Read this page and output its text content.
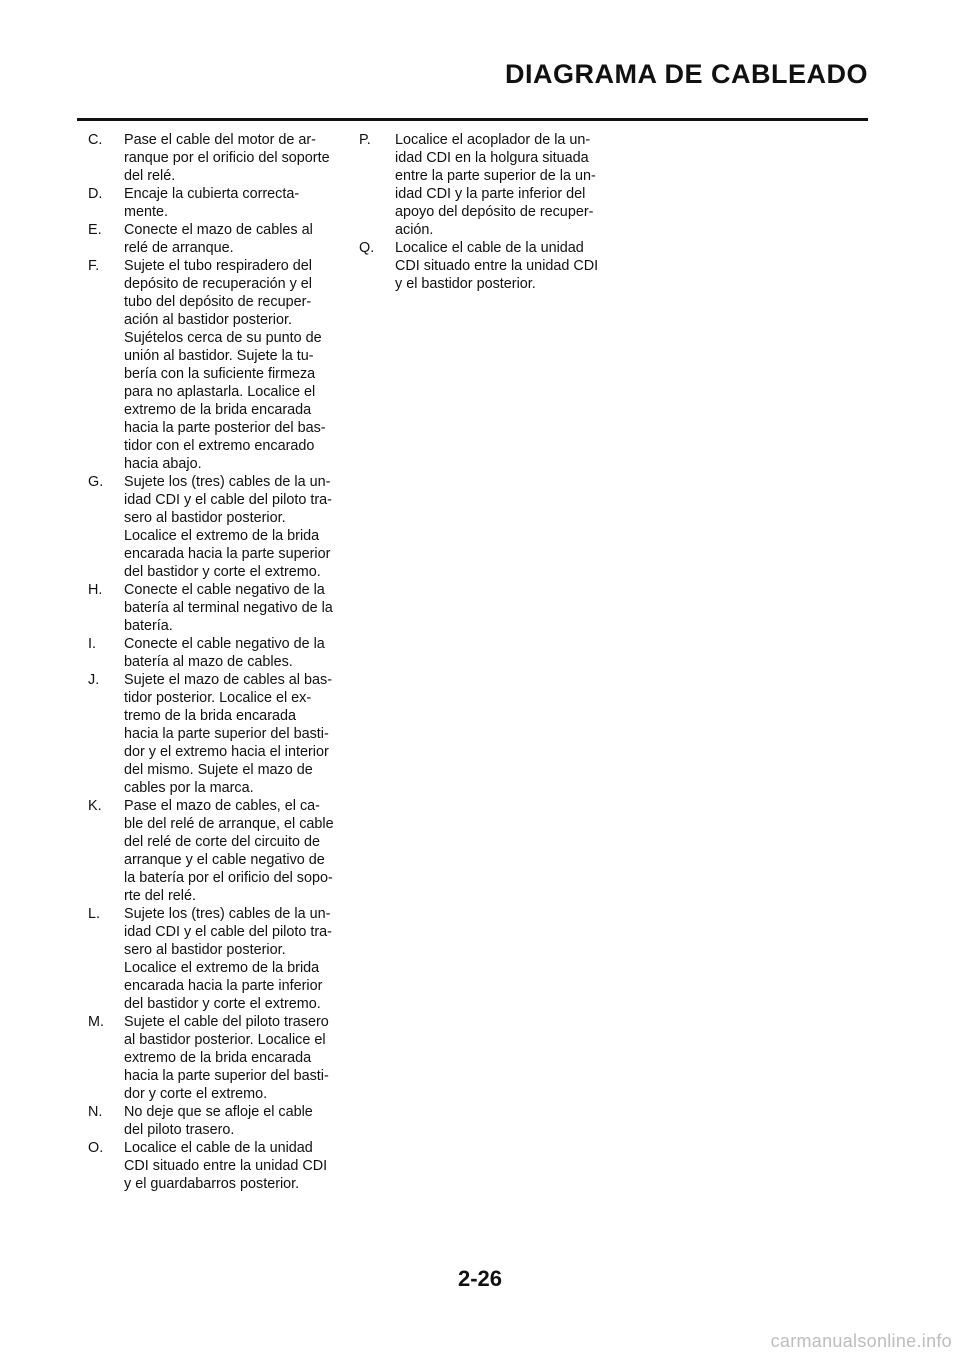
DIAGRAMA DE CABLEADO
C. Pase el cable del motor de ar-
ranque por el orificio del soporte
del relé.
D. Encaje la cubierta correcta-
mente.
E. Conecte el mazo de cables al
relé de arranque.
F. Sujete el tubo respiradero del
depósito de recuperación y el
tubo del depósito de recuper-
ación al bastidor posterior.
Sujételos cerca de su punto de
unión al bastidor. Sujete la tu-
bería con la suficiente firmeza
para no aplastarla. Localice el
extremo de la brida encarada
hacia la parte posterior del bas-
tidor con el extremo encarado
hacia abajo.
G. Sujete los (tres) cables de la un-
idad CDI y el cable del piloto tra-
sero al bastidor posterior.
Localice el extremo de la brida
encarada hacia la parte superior
del bastidor y corte el extremo.
H. Conecte el cable negativo de la
batería al terminal negativo de la
batería.
I. Conecte el cable negativo de la
batería al mazo de cables.
J. Sujete el mazo de cables al bas-
tidor posterior. Localice el ex-
tremo de la brida encarada
hacia la parte superior del basti-
dor y el extremo hacia el interior
del mismo. Sujete el mazo de
cables por la marca.
K. Pase el mazo de cables, el ca-
ble del relé de arranque, el cable
del relé de corte del circuito de
arranque y el cable negativo de
la batería por el orificio del sopo-
rte del relé.
L. Sujete los (tres) cables de la un-
idad CDI y el cable del piloto tra-
sero al bastidor posterior.
Localice el extremo de la brida
encarada hacia la parte inferior
del bastidor y corte el extremo.
M. Sujete el cable del piloto trasero
al bastidor posterior. Localice el
extremo de la brida encarada
hacia la parte superior del basti-
dor y corte el extremo.
N. No deje que se afloje el cable
del piloto trasero.
O. Localice el cable de la unidad
CDI situado entre la unidad CDI
y el guardabarros posterior.
P. Localice el acoplador de la un-
idad CDI en la holgura situada
entre la parte superior de la un-
idad CDI y la parte inferior del
apoyo del depósito de recuper-
ación.
Q. Localice el cable de la unidad
CDI situado entre la unidad CDI
y el bastidor posterior.
2-26
carmanualsonline.info
